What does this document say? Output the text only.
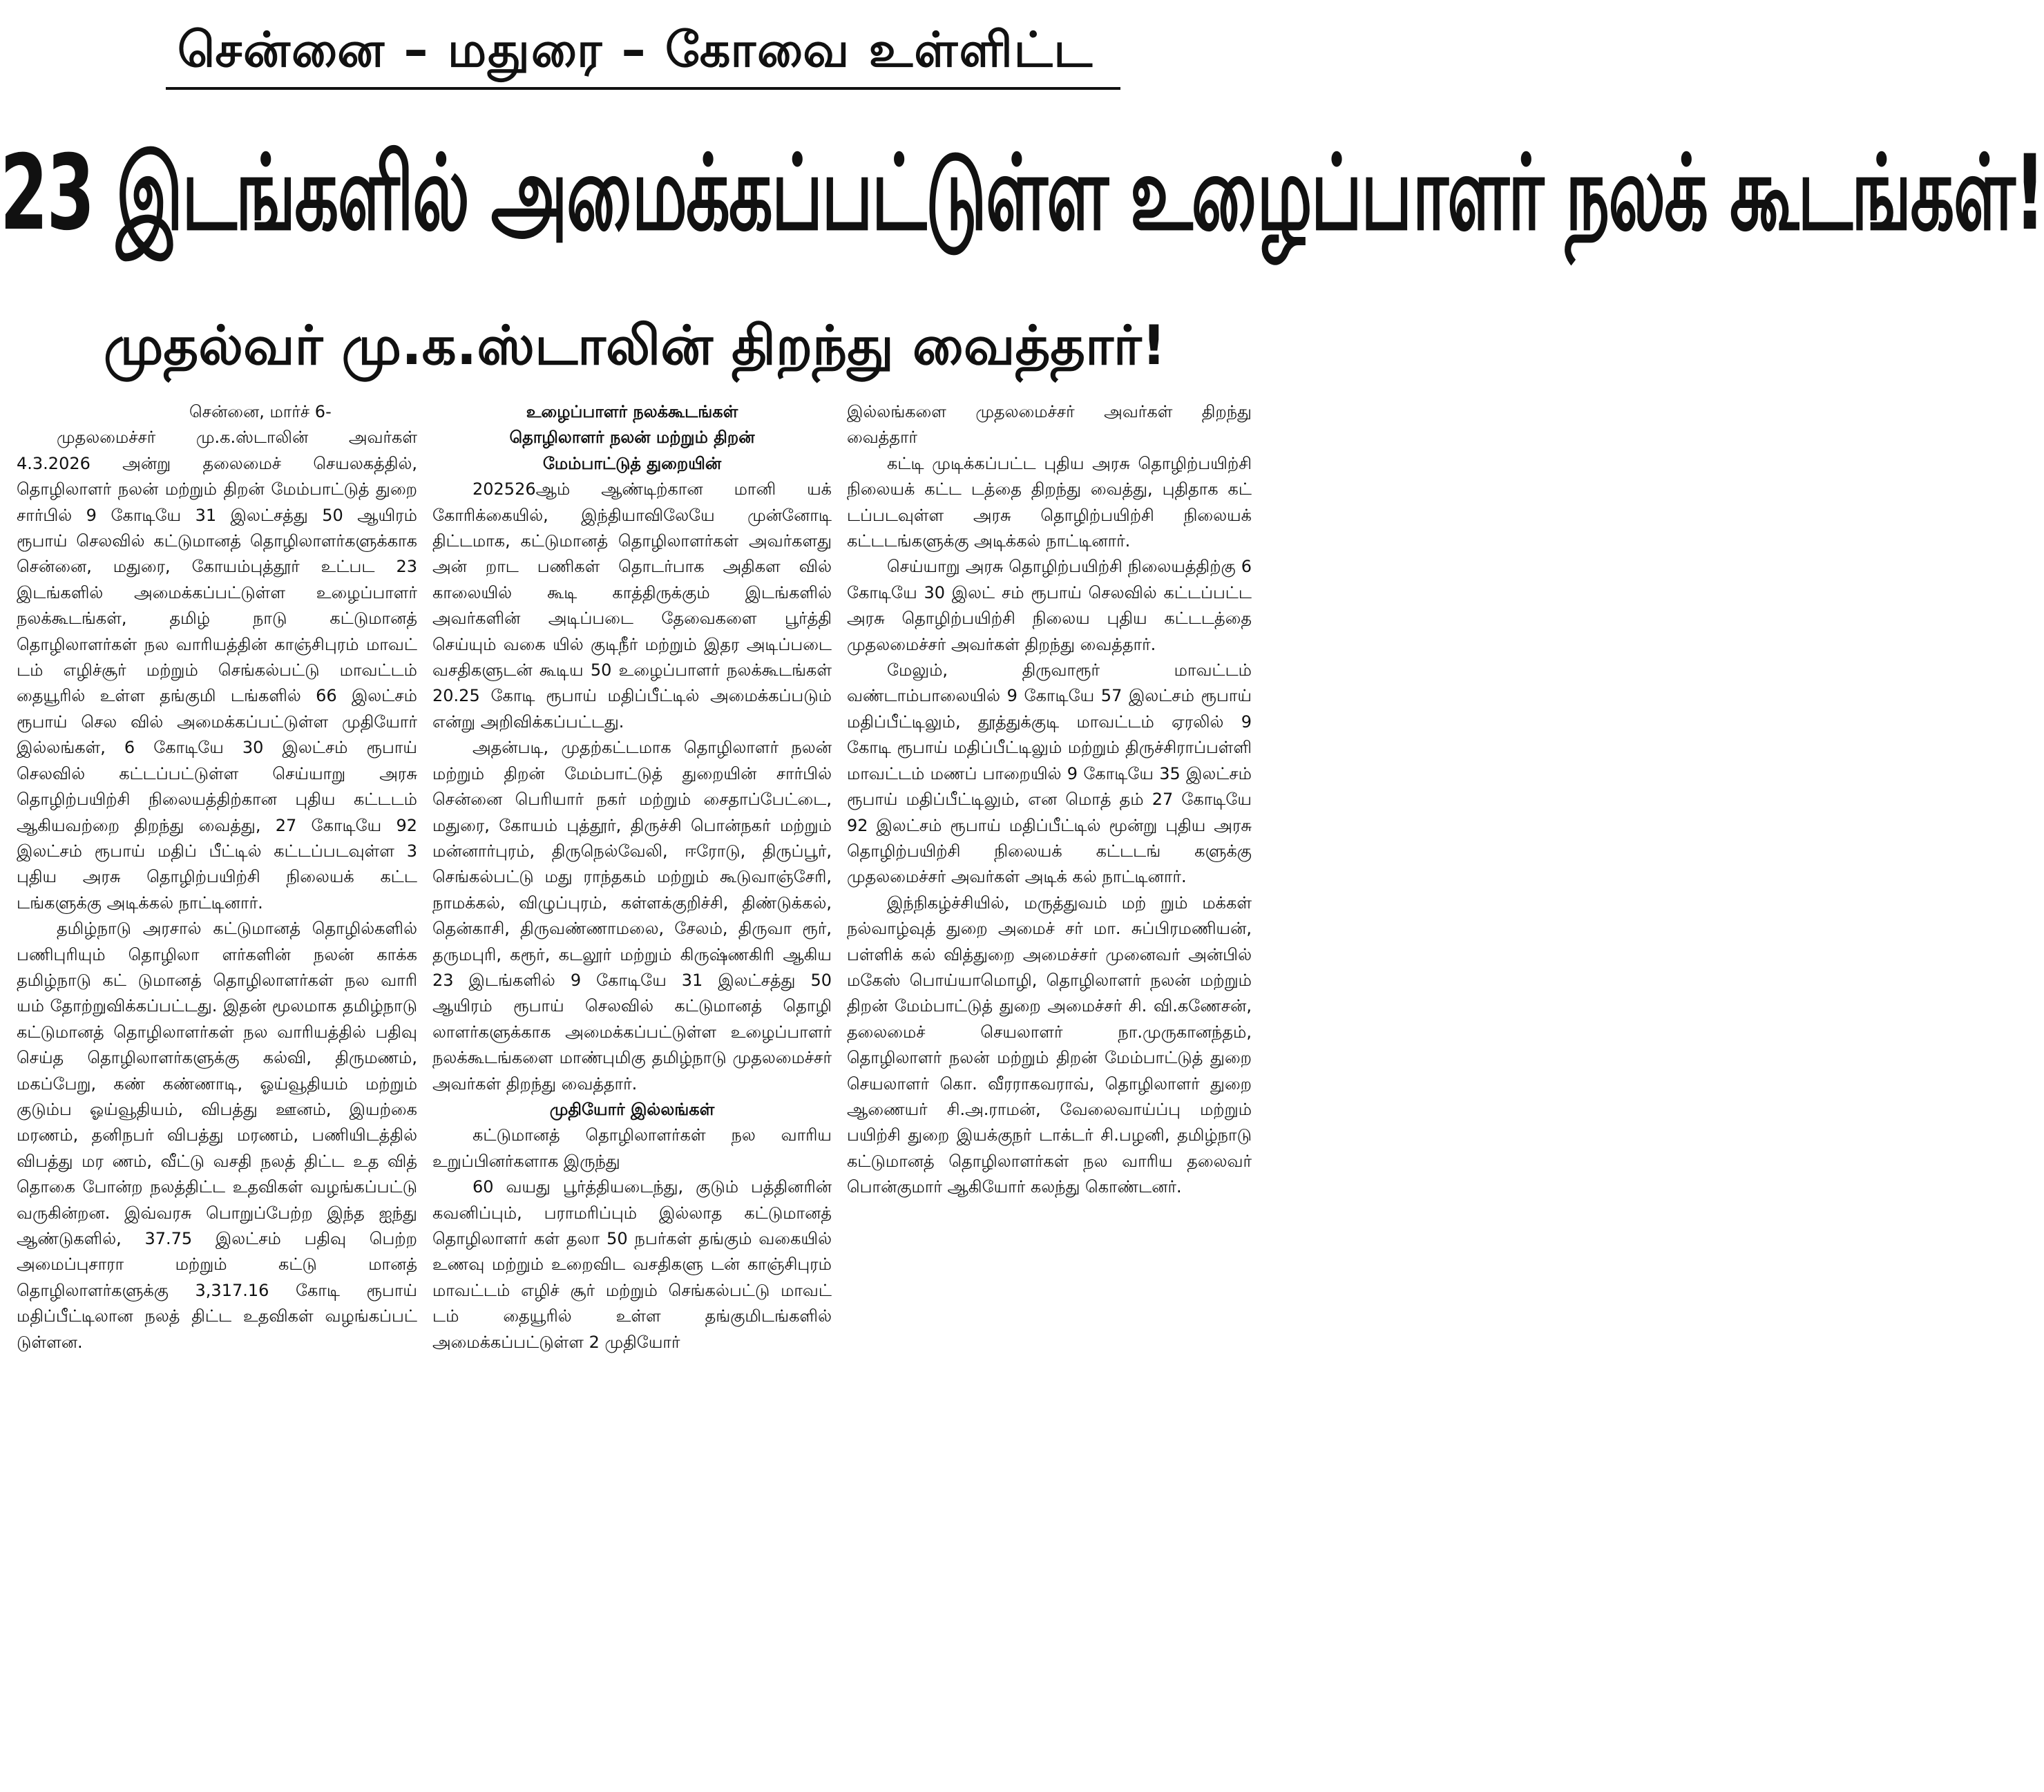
சென்னை – மதுரை – கோவை உள்ளிட்ட
23 இடங்களில் அமைக்கப்பட்டுள்ள உழைப்பாளர் நலக் கூடங்கள்!
முதல்வர் மு.க.ஸ்டாலின் திறந்து வைத்தார்!

சென்னை, மார்ச் 6-

முதலமைச்சர் மு.க.ஸ்டாலின் அவர்கள் 4.3.2026 அன்று தலைமைச் செயலகத்தில், தொழிலாளர் நலன் மற்றும் திறன் மேம்பாட்டுத் துறை சார்பில் 9 கோடியே 31 இலட்சத்து 50 ஆயிரம் ரூபாய் செலவில் கட்டுமானத் தொழிலாளர்களுக்காக சென்னை, மதுரை, கோயம்புத்தூர் உட்பட 23 இடங்களில் அமைக்கப்பட்டுள்ள உழைப்பாளர் நலக்கூடங்கள், தமிழ் நாடு கட்டுமானத் தொழிலாளர்கள் நல வாரியத்தின் காஞ்சிபுரம் மாவட் டம் எழிச்சூர் மற்றும் செங்கல்பட்டு மாவட்டம் தையூரில் உள்ள தங்குமி டங்களில் 66 இலட்சம் ரூபாய் செல வில் அமைக்கப்பட்டுள்ள முதியோர் இல்லங்கள், 6 கோடியே 30 இலட்சம் ரூபாய் செலவில் கட்டப்பட்டுள்ள செய்யாறு அரசு தொழிற்பயிற்சி நிலையத்திற்கான புதிய கட்டடம் ஆகியவற்றை திறந்து வைத்து, 27 கோடியே 92 இலட்சம் ரூபாய் மதிப் பீட்டில் கட்டப்படவுள்ள 3 புதிய அரசு தொழிற்பயிற்சி நிலையக் கட்ட டங்களுக்கு அடிக்கல் நாட்டினார்.

தமிழ்நாடு அரசால் கட்டுமானத் தொழில்களில் பணிபுரியும் தொழிலா ளர்களின் நலன் காக்க தமிழ்நாடு கட் டுமானத் தொழிலாளர்கள் நல வாரி யம் தோற்றுவிக்கப்பட்டது. இதன் மூலமாக தமிழ்நாடு கட்டுமானத் தொழிலாளர்கள் நல வாரியத்தில் பதிவு செய்த தொழிலாளர்களுக்கு கல்வி, திருமணம், மகப்பேறு, கண் கண்ணாடி, ஓய்வூதியம் மற்றும் குடும்ப ஓய்வூதியம், விபத்து ஊனம், இயற்கை மரணம், தனிநபர் விபத்து மரணம், பணியிடத்தில் விபத்து மர ணம், வீட்டு வசதி நலத் திட்ட உத வித் தொகை போன்ற நலத்திட்ட உதவிகள் வழங்கப்பட்டு வருகின்றன. இவ்வரசு பொறுப்பேற்ற இந்த ஐந்து ஆண்டுகளில், 37.75 இலட்சம் பதிவு பெற்ற அமைப்புசாரா மற்றும் கட்டு மானத் தொழிலாளர்களுக்கு 3,317.16 கோடி ரூபாய் மதிப்பீட்டிலான நலத் திட்ட உதவிகள் வழங்கப்பட் டுள்ளன.

உழைப்பாளர் நலக்கூடங்கள்
தொழிலாளர் நலன் மற்றும் திறன்
மேம்பாட்டுத் துறையின்

202526ஆம் ஆண்டிற்கான மானி யக் கோரிக்கையில், இந்தியாவிலேயே முன்னோடி திட்டமாக, கட்டுமானத் தொழிலாளர்கள் அவர்களது அன் றாட பணிகள் தொடர்பாக அதிகள வில் காலையில் கூடி காத்திருக்கும் இடங்களில் அவர்களின் அடிப்படை தேவைகளை பூர்த்தி செய்யும் வகை யில் குடிநீர் மற்றும் இதர அடிப்படை வசதிகளுடன் கூடிய 50 உழைப்பாளர் நலக்கூடங்கள் 20.25 கோடி ரூபாய் மதிப்பீட்டில் அமைக்கப்படும் என்று அறிவிக்கப்பட்டது.

அதன்படி, முதற்கட்டமாக தொழிலாளர் நலன் மற்றும் திறன் மேம்பாட்டுத் துறையின் சார்பில் சென்னை பெரியார் நகர் மற்றும் சைதாப்பேட்டை, மதுரை, கோயம் புத்தூர், திருச்சி பொன்நகர் மற்றும் மன்னார்புரம், திருநெல்வேலி, ஈரோடு, திருப்பூர், செங்கல்பட்டு மது ராந்தகம் மற்றும் கூடுவாஞ்சேரி, நாமக்கல், விழுப்புரம், கள்ளக்குறிச்சி, திண்டுக்கல், தென்காசி, திருவண்ணாமலை, சேலம், திருவா ரூர், தருமபுரி, கரூர், கடலூர் மற்றும் கிருஷ்ணகிரி ஆகிய 23 இடங்களில் 9 கோடியே 31 இலட்சத்து 50 ஆயிரம் ரூபாய் செலவில் கட்டுமானத் தொழி லாளர்களுக்காக அமைக்கப்பட்டுள்ள உழைப்பாளர் நலக்கூடங்களை மாண்புமிகு தமிழ்நாடு முதலமைச்சர் அவர்கள் திறந்து வைத்தார்.

முதியோர் இல்லங்கள்

கட்டுமானத் தொழிலாளர்கள் நல வாரிய உறுப்பினர்களாக இருந்து

60 வயது பூர்த்தியடைந்து, குடும் பத்தினரின் கவனிப்பும், பராமரிப்பும் இல்லாத கட்டுமானத் தொழிலாளர் கள் தலா 50 நபர்கள் தங்கும் வகையில் உணவு மற்றும் உறைவிட வசதிகளு டன் காஞ்சிபுரம் மாவட்டம் எழிச் சூர் மற்றும் செங்கல்பட்டு மாவட் டம் தையூரில் உள்ள தங்குமிடங்களில் அமைக்கப்பட்டுள்ள 2 முதியோர்

இல்லங்களை முதலமைச்சர் அவர்கள் திறந்து வைத்தார்

கட்டி முடிக்கப்பட்ட புதிய அரசு தொழிற்பயிற்சி நிலையக் கட்ட டத்தை திறந்து வைத்து, புதிதாக கட் டப்படவுள்ள அரசு தொழிற்பயிற்சி நிலையக் கட்டடங்களுக்கு அடிக்கல் நாட்டினார்.

செய்யாறு அரசு தொழிற்பயிற்சி நிலையத்திற்கு 6 கோடியே 30 இலட் சம் ரூபாய் செலவில் கட்டப்பட்ட அரசு தொழிற்பயிற்சி நிலைய புதிய கட்டடத்தை முதலமைச்சர் அவர்கள் திறந்து வைத்தார்.

மேலும், திருவாரூர் மாவட்டம் வண்டாம்பாலையில் 9 கோடியே 57 இலட்சம் ரூபாய் மதிப்பீட்டிலும், தூத்துக்குடி மாவட்டம் ஏரலில் 9 கோடி ரூபாய் மதிப்பீட்டிலும் மற்றும் திருச்சிராப்பள்ளி மாவட்டம் மணப் பாறையில் 9 கோடியே 35 இலட்சம் ரூபாய் மதிப்பீட்டிலும், என மொத் தம் 27 கோடியே 92 இலட்சம் ரூபாய் மதிப்பீட்டில் மூன்று புதிய அரசு தொழிற்பயிற்சி நிலையக் கட்டடங் களுக்கு முதலமைச்சர் அவர்கள் அடிக் கல் நாட்டினார்.

இந்நிகழ்ச்சியில், மருத்துவம் மற் றும் மக்கள் நல்வாழ்வுத் துறை அமைச் சர் மா. சுப்பிரமணியன், பள்ளிக் கல் வித்துறை அமைச்சர் முனைவர் அன்பில் மகேஸ் பொய்யாமொழி, தொழிலாளர் நலன் மற்றும் திறன் மேம்பாட்டுத் துறை அமைச்சர் சி. வி.கணேசன், தலைமைச் செயலாளர் நா.முருகானந்தம், தொழிலாளர் நலன் மற்றும் திறன் மேம்பாட்டுத் துறை செயலாளர் கொ. வீரராகவராவ், தொழிலாளர் துறை ஆணையர் சி.அ.ராமன், வேலைவாய்ப்பு மற்றும் பயிற்சி துறை இயக்குநர் டாக்டர் சி.பழனி, தமிழ்நாடு கட்டுமானத் தொழிலாளர்கள் நல வாரிய தலைவர் பொன்குமார் ஆகியோர் கலந்து கொண்டனர்.
